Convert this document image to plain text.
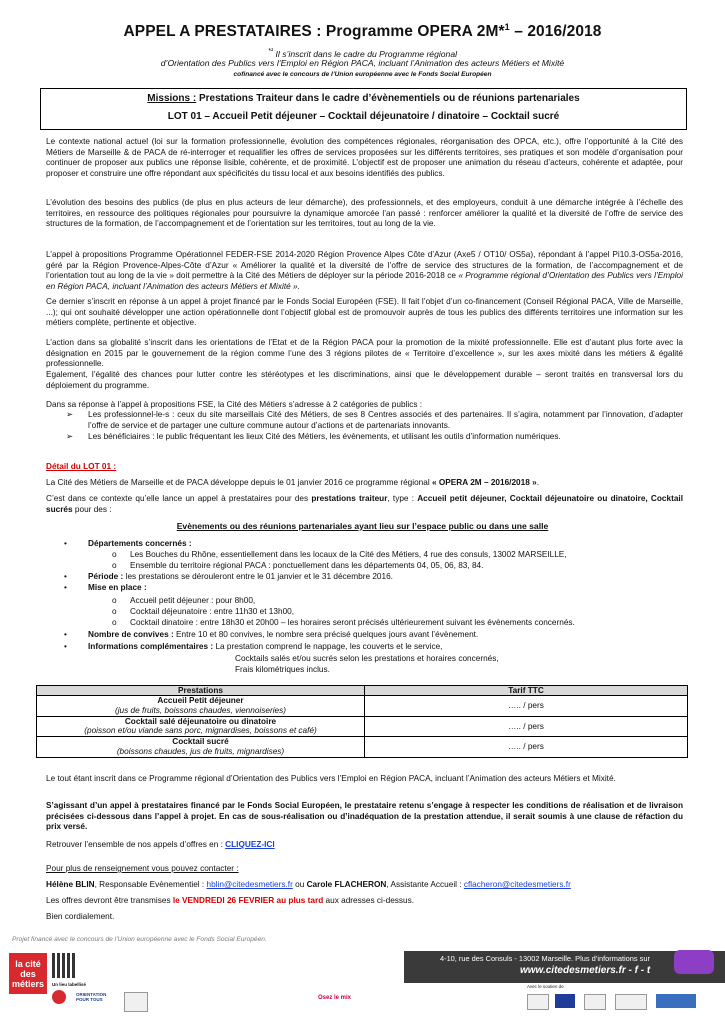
APPEL A PRESTATAIRES : Programme OPERA 2M*$^1$ – 2016/2018
$^{*^1}$ Il s’inscrit dans le cadre du Programme régional
d’Orientation des Publics vers l’Emploi en Région PACA, incluant l’Animation des acteurs Métiers et Mixité
cofinancé avec le concours de l’Union européenne avec le Fonds Social Européen
Missions : Prestations Traiteur dans le cadre d’évènementiels ou de réunions partenariales
LOT 01 – Accueil Petit déjeuner – Cocktail déjeunatoire / dinatoire – Cocktail sucré

Le contexte national actuel (loi sur la formation professionnelle, évolution des compétences régionales, réorganisation des OPCA, etc.), offre l’opportunité à la Cité des Métiers de Marseille & de PACA de ré-interroger et requalifier les offres de services proposées sur les différents territoires, ses pratiques et son modèle d’organisation pour continuer de proposer aux publics une réponse lisible, cohérente, et de proximité. L’objectif est de proposer une animation du réseau d’acteurs, cohérente et adaptée, pour proposer et construire une offre répondant aux spécificités du tissu local et aux besoins identifiés des publics.

L’évolution des besoins des publics (de plus en plus acteurs de leur démarche), des professionnels, et des employeurs, conduit à une démarche intégrée à l’échelle des territoires, en ressource des politiques régionales pour poursuivre la dynamique amorcée l’an passé : renforcer améliorer la qualité et la diversité de l’offre de service des structures de la formation, de l’accompagnement et de l’orientation sur les territoires, tout au long de la vie.

L’appel à propositions Programme Opérationnel FEDER-FSE 2014-2020 Région Provence Alpes Côte d’Azur (Axe5 / OT10/ OS5a), répondant à l’appel Pi10.3-OS5a-2016, géré par la Région Provence-Alpes-Côte d’Azur « Améliorer la qualité et la diversité de l’offre de service des structures de la formation, de l’accompagnement et de l’orientation tout au long de la vie » doit permettre à la Cité des Métiers de déployer sur la période 2016-2018 ce « Programme régional d’Orientation des Publics vers l’Emploi en Région PACA, incluant l’Animation des acteurs Métiers et Mixité ».

Ce dernier s’inscrit en réponse à un appel à projet financé par le Fonds Social Européen (FSE). Il fait l’objet d’un co-financement (Conseil Régional PACA, Ville de Marseille, ...); qui ont souhaité développer une action opérationnelle dont l’objectif global est de promouvoir auprès de tous les publics des différents territoires une information sur les métiers complète, pertinente et objective.

L’action dans sa globalité s’inscrit dans les orientations de l’Etat et de la Région PACA pour la promotion de la mixité professionnelle. Elle est d’autant plus forte avec la désignation en 2015 par le gouvernement de la région comme l’une des 3 régions pilotes de « Territoire d’excellence », sur les axes mixité dans les métiers & égalité professionnelle.

Egalement, l’égalité des chances pour lutter contre les stéréotypes et les discriminations, ainsi que le développement durable – seront traités en transversal lors du déploiement du programme.

Dans sa réponse à l’appel à propositions FSE, la Cité des Métiers s’adresse à 2 catégories de publics :

➢ Les professionnel-le-s : ceux du site marseillais Cité des Métiers, de ses 8 Centres associés et des partenaires. Il s’agira, notamment par l’innovation, d’adapter l’offre de service et de partager une culture commune autour d’actions et de partenariats innovants.

➢ Les bénéficiaires : le public fréquentant les lieux Cité des Métiers, les évènements, et utilisant les outils d’information numériques.

Détail du LOT 01 :

La Cité des Métiers de Marseille et de PACA développe depuis le 01 janvier 2016 ce programme régional « OPERA 2M – 2016/2018 ».

C’est dans ce contexte qu’elle lance un appel à prestataires pour des prestations traiteur, type : Accueil petit déjeuner, Cocktail déjeunatoire ou dinatoire, Cocktail sucrés pour des :

Evènements ou des réunions partenariales ayant lieu sur l’espace public ou dans une salle
•	Départements concernés :
o Les Bouches du Rhône, essentiellement dans les locaux de la Cité des Métiers, 4 rue des consuls, 13002 MARSEILLE,
o Ensemble du territoire régional PACA : ponctuellement dans les départements 04, 05, 06, 83, 84.
•	Période : les prestations se dérouleront entre le 01 janvier et le 31 décembre 2016.
•	Mise en place :
o Accueil petit déjeuner : pour 8h00,
o Cocktail déjeunatoire : entre 11h30 et 13h00,
o Cocktail dinatoire : entre 18h30 et 20h00 – les horaires seront précisés ultérieurement suivant les évènements concernés.
•	Nombre de convives : Entre 10 et 80 convives, le nombre sera précisé quelques jours avant l’évènement.
•	Informations complémentaires : La prestation comprend le nappage, les couverts et le service,
Cocktails salés et/ou sucrés selon les prestations et horaires concernés,
Frais kilométriques inclus.
Prestations	Tarif TTC
Accueil Petit déjeuner
(jus de fruits, boissons chaudes, viennoiseries)	….. / pers
Cocktail salé déjeunatoire ou dinatoire
(poisson et/ou viande sans porc, mignardises, boissons et café)	….. / pers
Cocktail sucré
(boissons chaudes, jus de fruits, mignardises)	….. / pers

Le tout étant inscrit dans ce Programme régional d’Orientation des Publics vers l’Emploi en Région PACA, incluant l’Animation des acteurs Métiers et Mixité.

S’agissant d’un appel à prestataires financé par le Fonds Social Européen, le prestataire retenu s’engage à respecter les conditions de réalisation et de livraison précisées ci-dessous dans l’appel à projet. En cas de sous-réalisation ou d’inadéquation de la prestation attendue, il serait soumis à une clause de réfaction du prix versé.

Retrouver l’ensemble de nos appels d’offres en : CLIQUEZ-ICI

Pour plus de renseignement vous pouvez contacter :

Hélène BLIN, Responsable Evènementiel : hblin@citedesmetiers.fr ou Carole FLACHERON, Assistante Accueil : cflacheron@citedesmetiers.fr

Les offres devront être transmises le VENDREDI 26 FEVRIER au plus tard aux adresses ci-dessus.

Bien cordialement.

Projet financé avec le concours de l’Union européenne avec le Fonds Social Européen.
la cité des métiers	Un lieu labellisé
ORIENTATION POUR TOUS	Osez le mix
4-10, rue des Consuls - 13002 Marseille. Plus d’informations sur
www.citedesmetiers.fr - f - t
Avec le soutien de
